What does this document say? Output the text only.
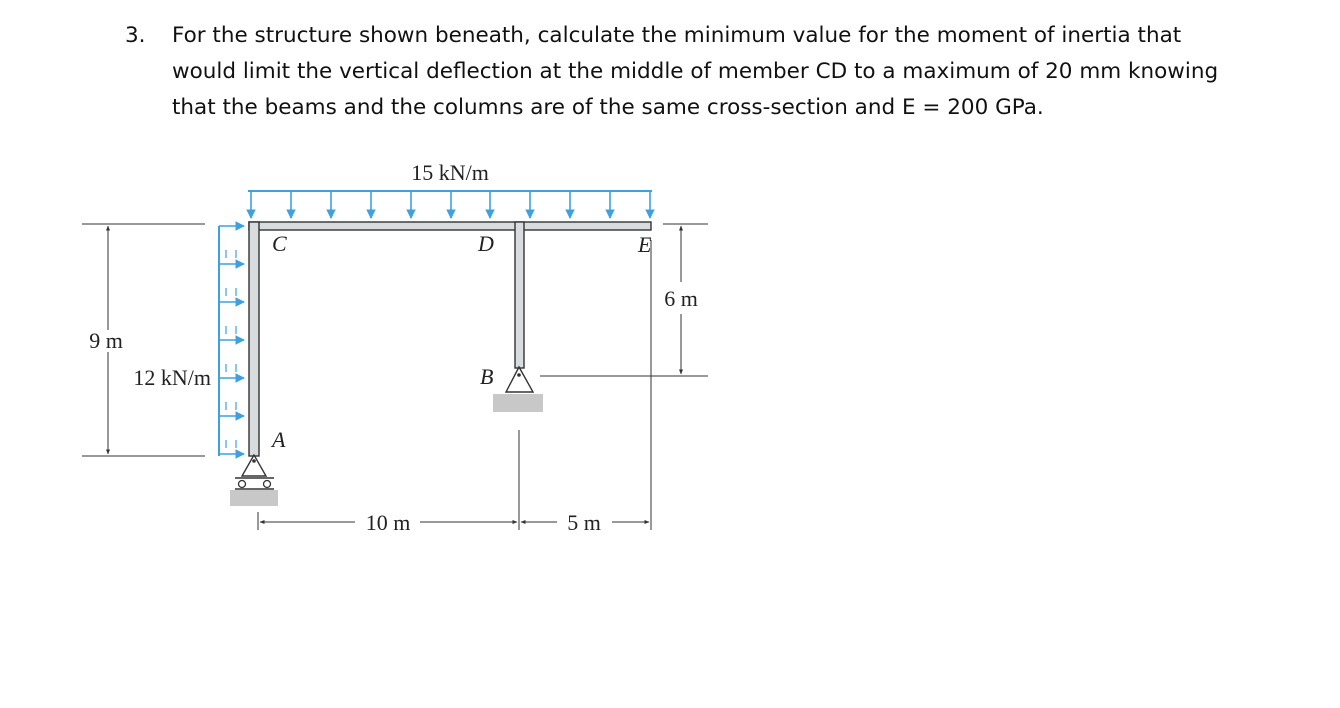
3. For the structure shown beneath, calculate the minimum value for the moment of inertia that
would limit the vertical deflection at the middle of member CD to a maximum of 20 mm knowing
that the beams and the columns are of the same cross-section and E = 200 GPa.
15 kN/m
12 kN/m
C	D	E
A
B
9 m
6 m
10 m	5 m
